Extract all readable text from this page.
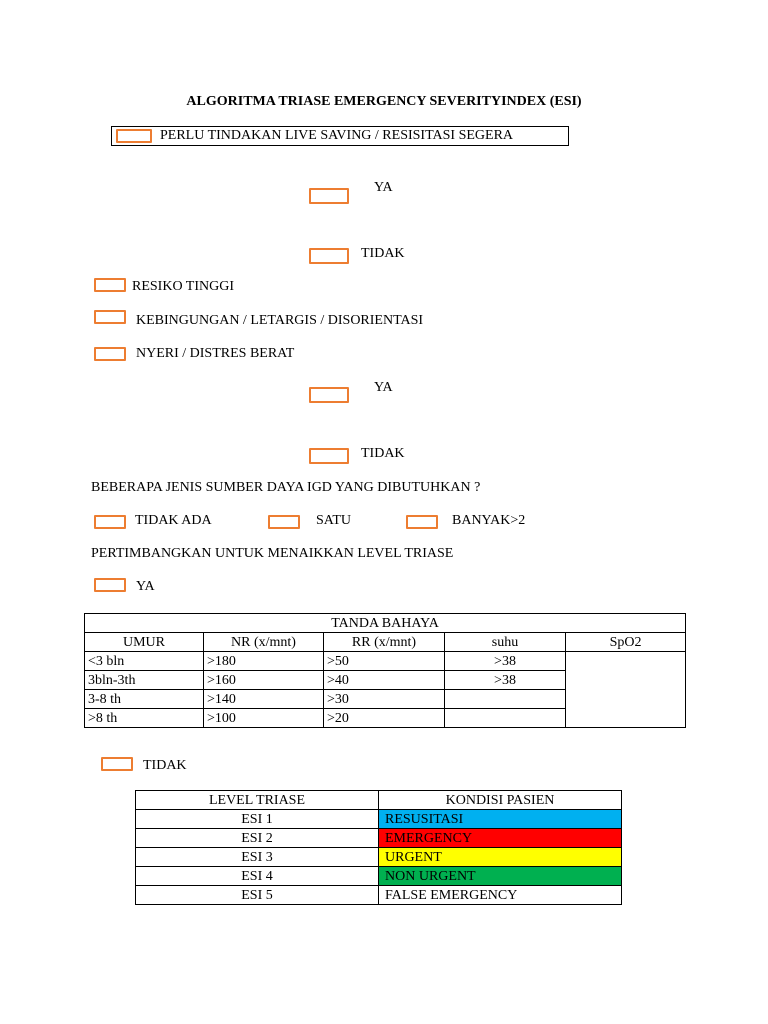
ALGORITMA TRIASE EMERGENCY SEVERITYINDEX (ESI)
PERLU TINDAKAN LIVE SAVING / RESISITASI SEGERA
YA
TIDAK
RESIKO TINGGI
KEBINGUNGAN / LETARGIS / DISORIENTASI
NYERI / DISTRES BERAT
YA
TIDAK
BEBERAPA JENIS SUMBER DAYA IGD YANG DIBUTUHKAN ?
TIDAK ADA	SATU	BANYAK>2
PERTIMBANGKAN UNTUK MENAIKKAN LEVEL TRIASE
YA
TANDA BAHAYA				
UMUR	NR (x/mnt)	RR (x/mnt)	suhu	SpO2
<3 bln	>180	>50	>38	
3bln-3th	>160	>40	>38	
3-8 th	>140	>30		
>8 th	>100	>20		
TIDAK
LEVEL TRIASE	KONDISI PASIEN
ESI 1	RESUSITASI
ESI 2	EMERGENCY
ESI 3	URGENT
ESI 4	NON URGENT
ESI 5	FALSE EMERGENCY
